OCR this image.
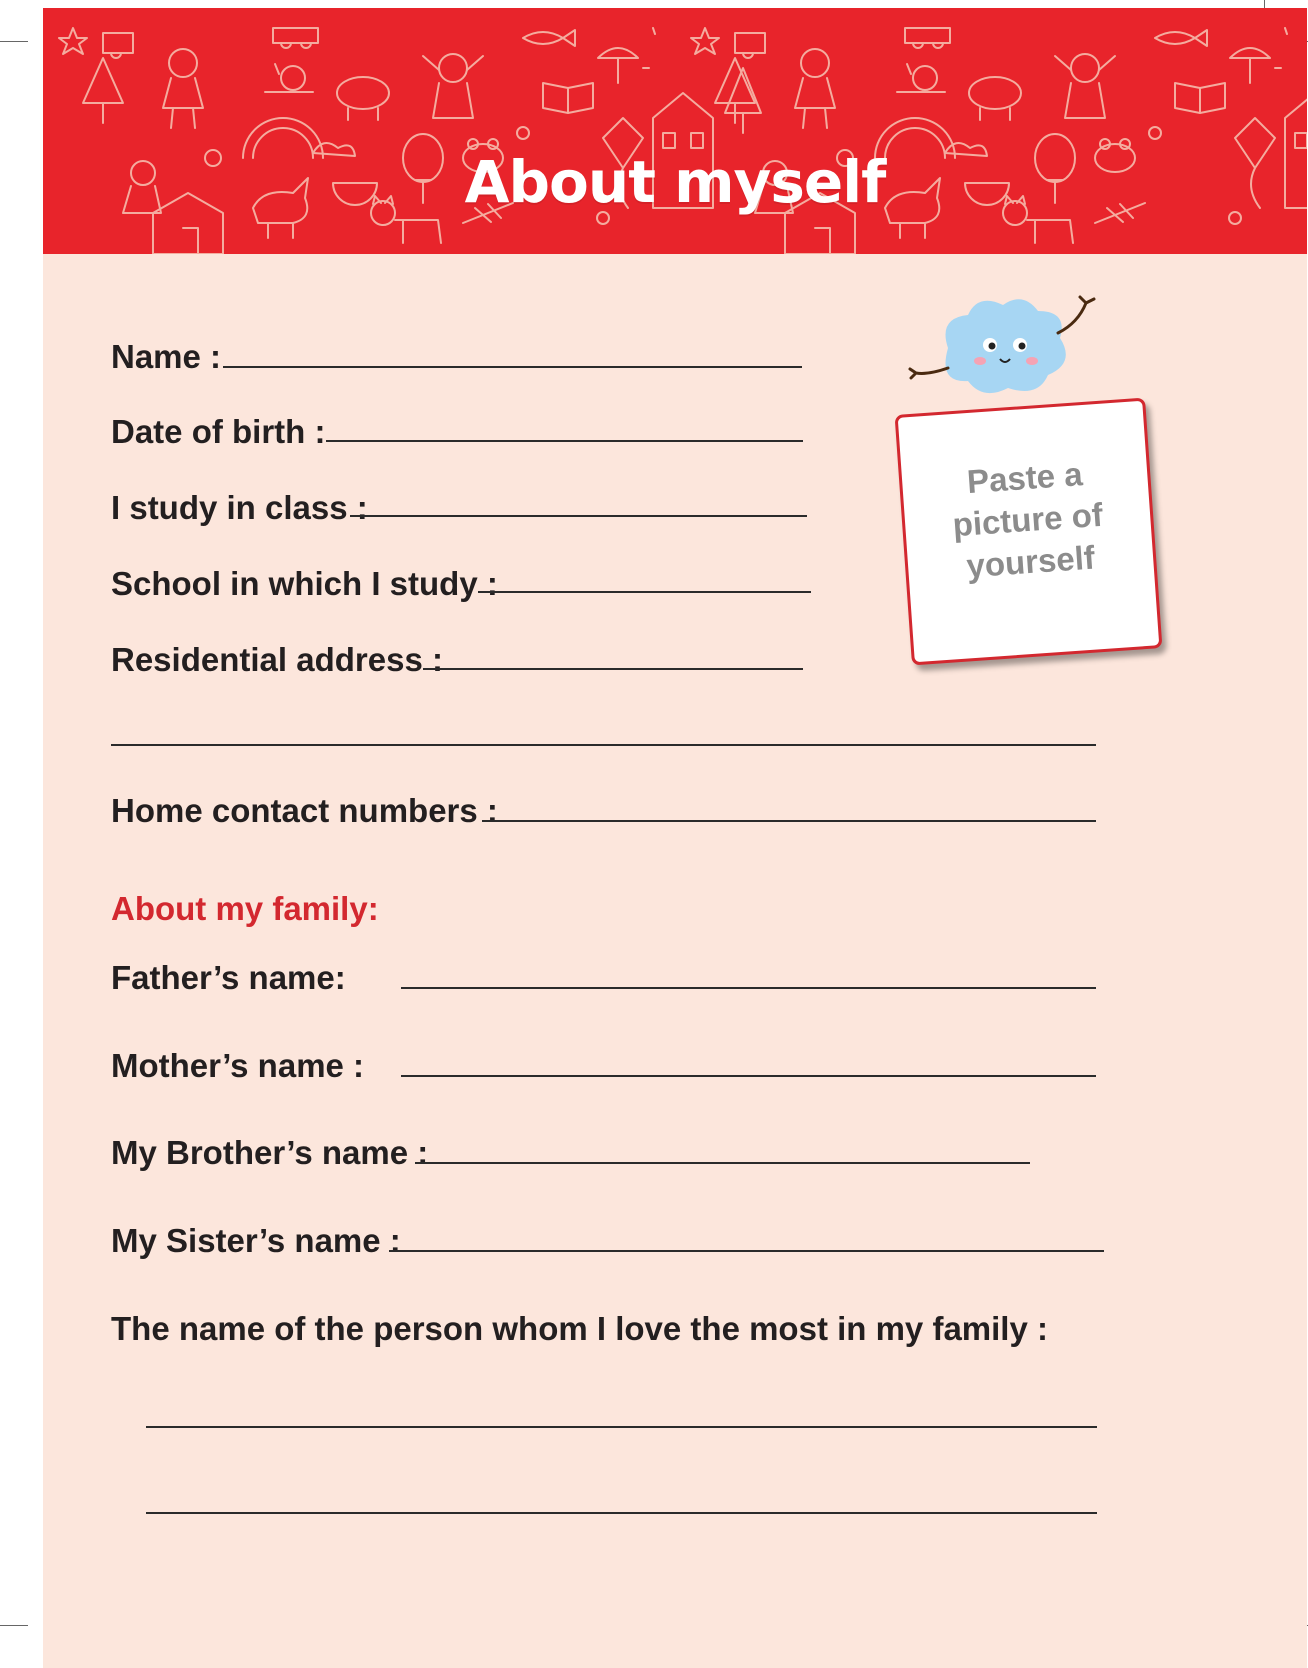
About myself
Name :
Date of birth :
I study in class :
School in which I study :
Residential address :
Home contact numbers :
Paste a
picture of
yourself
About my family:
Father’s name:
Mother’s name :
My Brother’s name :
My Sister’s name :
The name of the person whom I love the most in my family :
